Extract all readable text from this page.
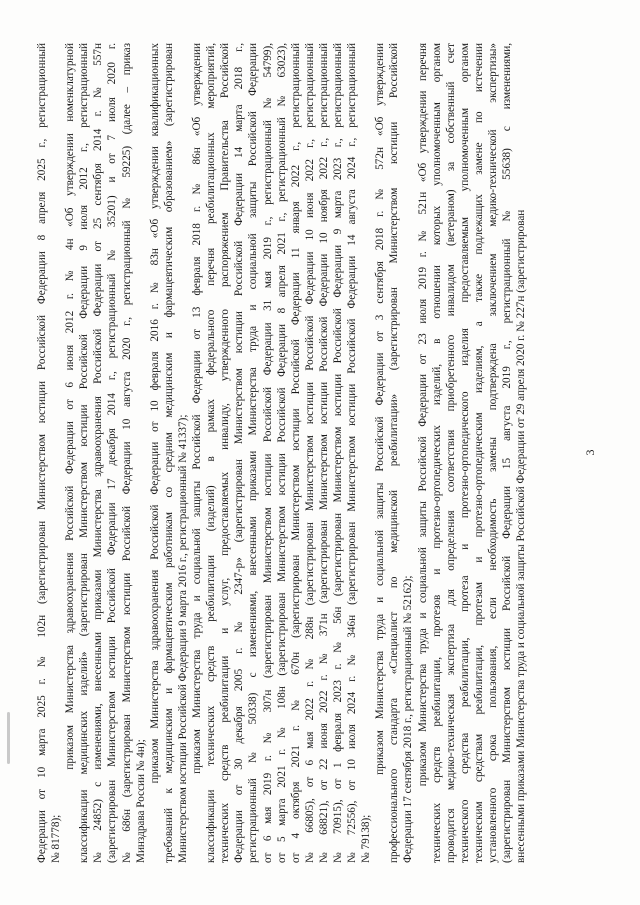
3
Федерации от 10 марта 2025 г. № 102н (зарегистрирован Министерством юстиции Российской Федерации 8 апреля 2025 г., регистрационный № 81778); приказом Министерства здравоохранения Российской Федерации от 6 июня 2012 г. № 4н «Об утверждении номенклатурной классификации медицинских изделий» (зарегистрирован Министерством юстиции Российской Федерации 9 июля 2012 г., регистрационный № 24852) с изменениями, внесенными приказами Министерства здравоохранения Российской Федерации от 25 сентября 2014 г. № 557н (зарегистрирован Министерством юстиции Российской Федерации 17 декабря 2014 г., регистрационный № 35201) и от 7 июля 2020 г. № 686н (зарегистрирован Министерством юстиции Российской Федерации 10 августа 2020 г., регистрационный № 59225) (далее – приказ Минздрава России № 4н); приказом Министерства здравоохранения Российской Федерации от 10 февраля 2016 г. № 83н «Об утверждении квалификационных требований к медицинским и фармацевтическим работникам со средним медицинским и фармацевтическим образованием» (зарегистрирован Министерством юстиции Российской Федерации 9 марта 2016 г., регистрационный № 41337); приказом Министерства труда и социальной защиты Российской Федерации от 13 февраля 2018 г. № 86н «Об утверждении классификации технических средств реабилитации (изделий) в рамках федерального перечня реабилитационных мероприятий, технических средств реабилитации и услуг, предоставляемых инвалиду, утвержденного распоряжением Правительства Российской Федерации от 30 декабря 2005 г. № 2347-р» (зарегистрирован Министерством юстиции Российской Федерации 14 марта 2018 г., регистрационный № 50338) с изменениями, внесенными приказами Министерства труда и социальной защиты Российской Федерации от 6 мая 2019 г. № 307н (зарегистрирован Министерством юстиции Российской Федерации 31 мая 2019 г., регистрационный № 54799), от 5 марта 2021 г. № 108н (зарегистрирован Министерством юстиции Российской Федерации 8 апреля 2021 г., регистрационный № 63023), от 4 октября 2021 г. № 670н (зарегистрирован Министерством юстиции Российской Федерации 11 января 2022 г., регистрационный № 66805), от 6 мая 2022 г. № 288н (зарегистрирован Министерством юстиции Российской Федерации 10 июня 2022 г., регистрационный № 68821), от 22 июня 2022 г. № 371н (зарегистрирован Министерством юстиции Российской Федерации 10 ноября 2022 г., регистрационный № 70915), от 1 февраля 2023 г. № 56н (зарегистрирован Министерством юстиции Российской Федерации 9 марта 2023 г., регистрационный № 72556), от 10 июля 2024 г. № 346н (зарегистрирован Министерством юстиции Российской Федерации 14 августа 2024 г., регистрационный № 79138); приказом Министерства труда и социальной защиты Российской Федерации от 3 сентября 2018 г. № 572н «Об утверждении профессионального стандарта «Специалист по медицинской реабилитации» (зарегистрирован Министерством юстиции Российской Федерации 17 сентября 2018 г., регистрационный № 52162); приказом Министерства труда и социальной защиты Российской Федерации от 23 июля 2019 г. № 521н «Об утверждении перечня технических средств реабилитации, протезов и протезно-ортопедических изделий, в отношении которых уполномоченным органом проводится медико-техническая экспертиза для определения соответствия приобретенного инвалидом (ветераном) за собственный счет технического средства реабилитации, протеза и протезно-ортопедического изделия предоставляемым уполномоченным органом техническим средствам реабилитации, протезам и протезно-ортопедическим изделиям, а также подлежащих замене по истечении установленного срока пользования, если необходимость замены подтверждена заключением медико-технической экспертизы» (зарегистрирован Министерством юстиции Российской Федерации 15 августа 2019 г., регистрационный № 55638) с изменениями, внесенными приказами Министерства труда и социальной защиты Российской Федерации от 29 апреля 2020 г. № 227н (зарегистрирован
